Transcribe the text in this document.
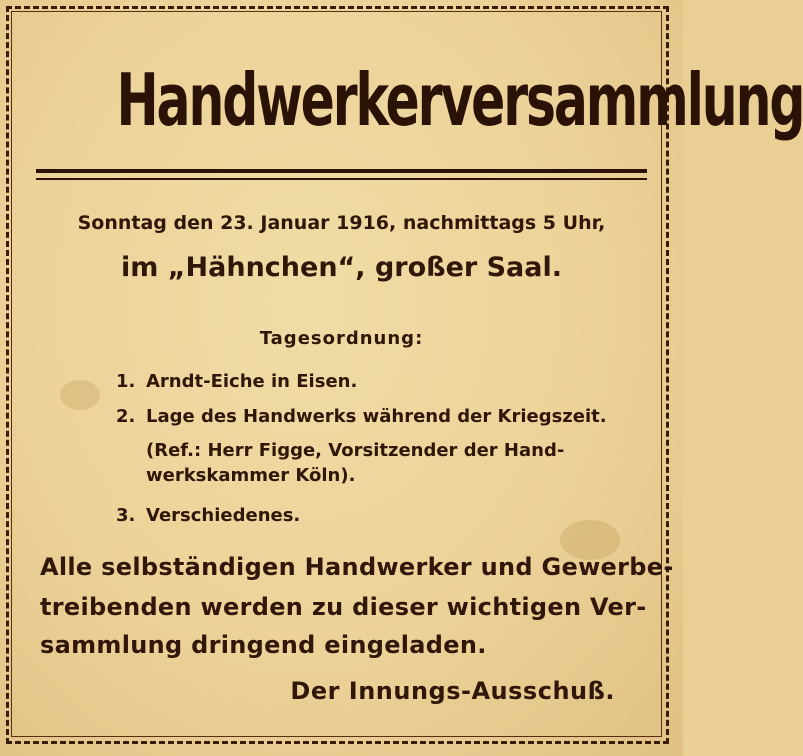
Handwerkerversammlung
Sonntag den 23. Januar 1916, nachmittags 5 Uhr,
im „Hähnchen“, großer Saal.
Tagesordnung:
1. Arndt-Eiche in Eisen.
2. Lage des Handwerks während der Kriegszeit.
(Ref.: Herr Figge, Vorsitzender der Hand-
werkskammer Köln).
3. Verschiedenes.
Alle selbständigen Handwerker und Gewerbe-
treibenden werden zu dieser wichtigen Ver-
sammlung dringend eingeladen.
Der Innungs-Ausschuß.
